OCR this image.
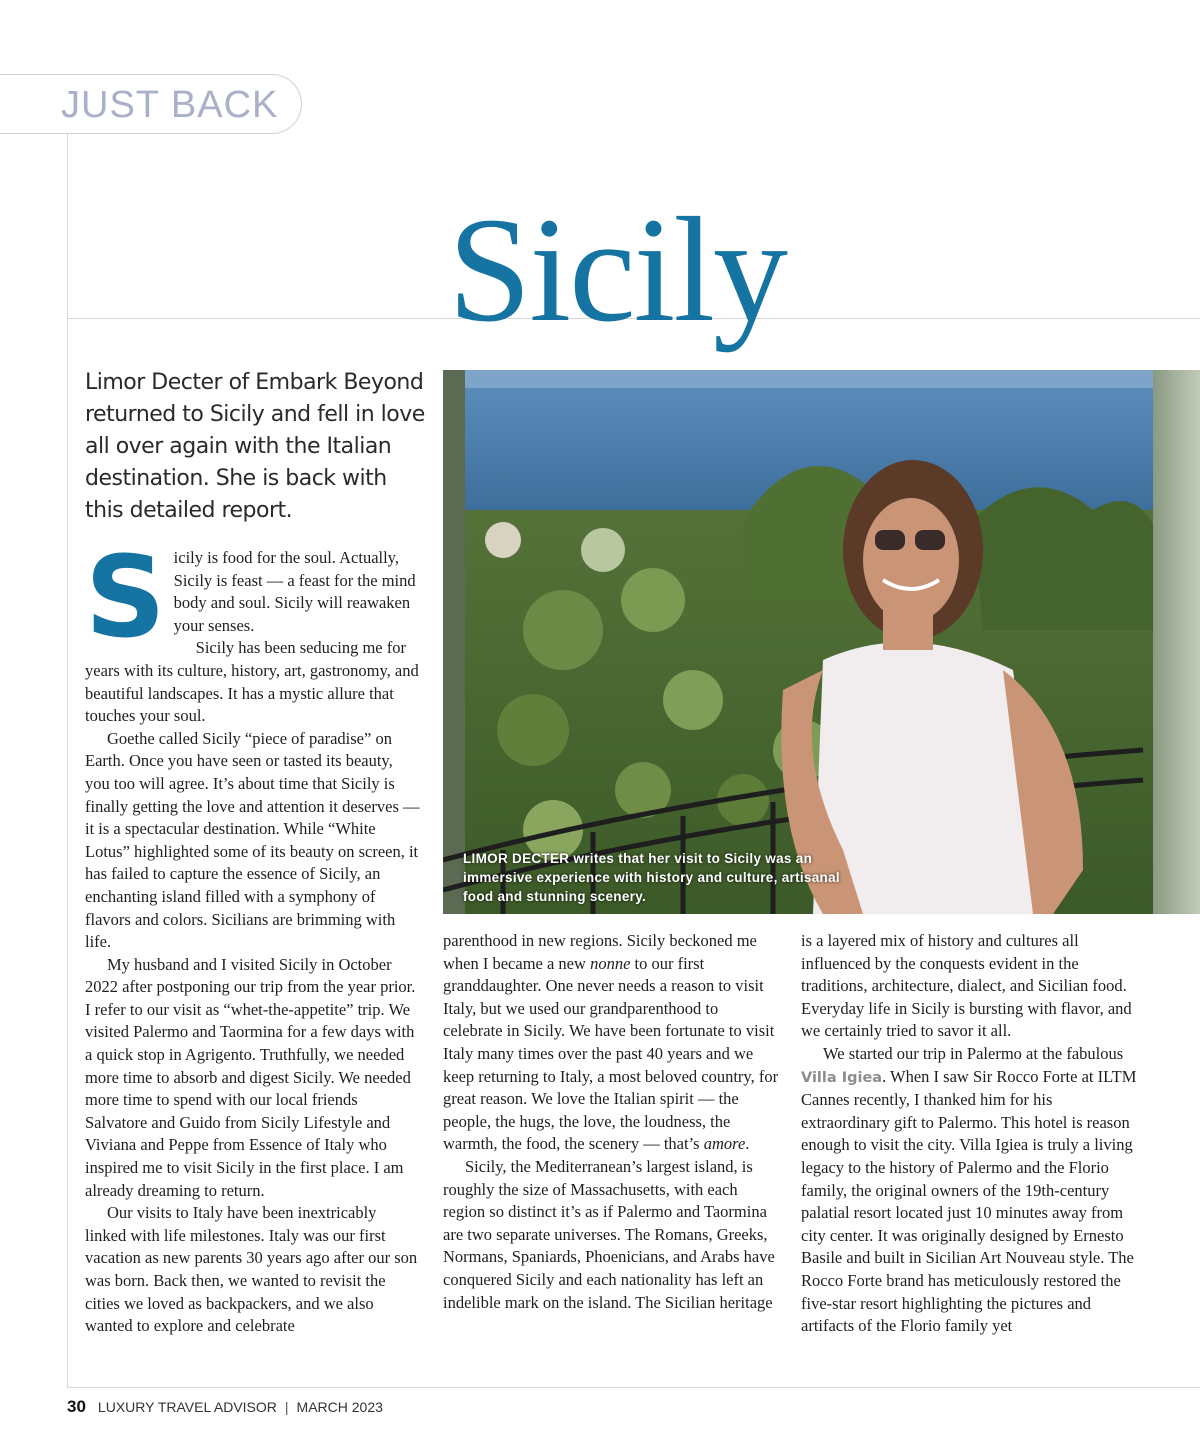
JUST BACK
Sicily
Limor Decter of Embark Beyond returned to Sicily and fell in love all over again with the Italian destination. She is back with this detailed report.

Sicily is food for the soul. Actually, Sicily is feast — a feast for the mind body and soul. Sicily will reawaken your senses.

Sicily has been seducing me for years with its culture, history, art, gastronomy, and beautiful landscapes. It has a mystic allure that touches your soul.

Goethe called Sicily “piece of paradise” on Earth. Once you have seen or tasted its beauty, you too will agree. It’s about time that Sicily is finally getting the love and attention it deserves — it is a spectacular destination. While “White Lotus” highlighted some of its beauty on screen, it has failed to capture the essence of Sicily, an enchanting island filled with a symphony of flavors and colors. Sicilians are brimming with life.

My husband and I visited Sicily in October 2022 after postponing our trip from the year prior. I refer to our visit as “whet-the-appetite” trip. We visited Palermo and Taormina for a few days with a quick stop in Agrigento. Truthfully, we needed more time to absorb and digest Sicily. We needed more time to spend with our local friends Salvatore and Guido from Sicily Lifestyle and Viviana and Peppe from Essence of Italy who inspired me to visit Sicily in the first place. I am already dreaming to return.

Our visits to Italy have been inextricably linked with life milestones. Italy was our first vacation as new parents 30 years ago after our son was born. Back then, we wanted to revisit the cities we loved as backpackers, and we also wanted to explore and celebrate

parenthood in new regions. Sicily beckoned me when I became a new nonne to our first granddaughter. One never needs a reason to visit Italy, but we used our grandparenthood to celebrate in Sicily. We have been fortunate to visit Italy many times over the past 40 years and we keep returning to Italy, a most beloved country, for great reason. We love the Italian spirit — the people, the hugs, the love, the loudness, the warmth, the food, the scenery — that’s amore.

Sicily, the Mediterranean’s largest island, is roughly the size of Massachusetts, with each region so distinct it’s as if Palermo and Taormina are two separate universes. The Romans, Greeks, Normans, Spaniards, Phoenicians, and Arabs have conquered Sicily and each nationality has left an indelible mark on the island. The Sicilian heritage

is a layered mix of history and cultures all influenced by the conquests evident in the traditions, architecture, dialect, and Sicilian food. Everyday life in Sicily is bursting with flavor, and we certainly tried to savor it all.

We started our trip in Palermo at the fabulous Villa Igiea. When I saw Sir Rocco Forte at ILTM Cannes recently, I thanked him for his extraordinary gift to Palermo. This hotel is reason enough to visit the city. Villa Igiea is truly a living legacy to the history of Palermo and the Florio family, the original owners of the 19th-century palatial resort located just 10 minutes away from city center. It was originally designed by Ernesto Basile and built in Sicilian Art Nouveau style. The Rocco Forte brand has meticulously restored the five-star resort highlighting the pictures and artifacts of the Florio family yet

LIMOR DECTER writes that her visit to Sicily was an immersive experience with history and culture, artisanal food and stunning scenery.
30 LUXURY TRAVEL ADVISOR | MARCH 2023
